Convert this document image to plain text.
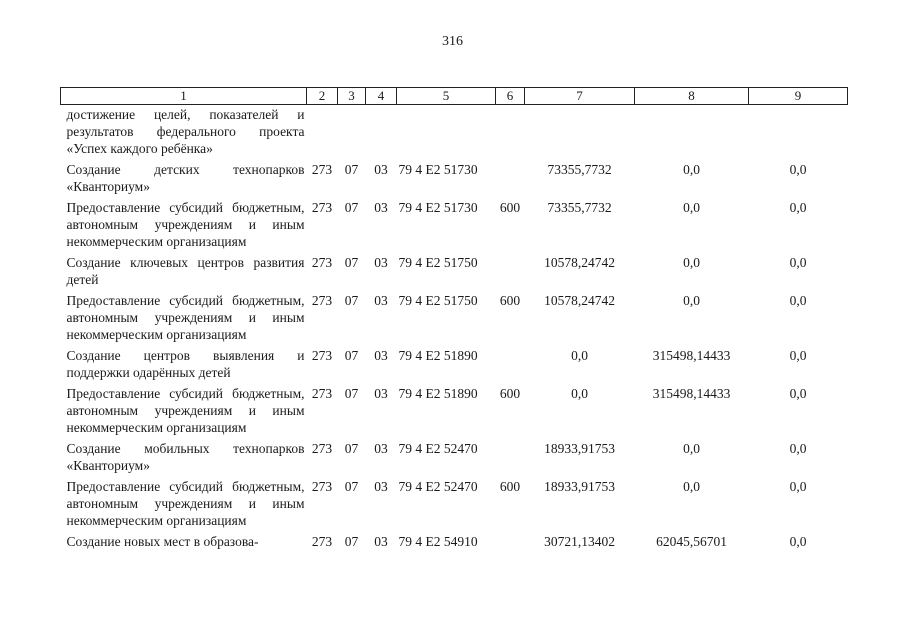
316
1	2	3	4	5	6	7	8	9
достижение целей, показателей и результатов федерального проекта «Успех каждого ребёнка»								
Создание детских технопарков «Кванториум»	273	07	03	79 4 E2 51730		73355,7732	0,0	0,0
Предоставление субсидий бюджетным, автономным учреждениям и иным некоммерческим организациям	273	07	03	79 4 E2 51730	600	73355,7732	0,0	0,0
Создание ключевых центров развития детей	273	07	03	79 4 E2 51750		10578,24742	0,0	0,0
Предоставление субсидий бюджетным, автономным учреждениям и иным некоммерческим организациям	273	07	03	79 4 E2 51750	600	10578,24742	0,0	0,0
Создание центров выявления и поддержки одарённых детей	273	07	03	79 4 E2 51890		0,0	315498,14433	0,0
Предоставление субсидий бюджетным, автономным учреждениям и иным некоммерческим организациям	273	07	03	79 4 E2 51890	600	0,0	315498,14433	0,0
Создание мобильных технопарков «Кванториум»	273	07	03	79 4 E2 52470		18933,91753	0,0	0,0
Предоставление субсидий бюджетным, автономным учреждениям и иным некоммерческим организациям	273	07	03	79 4 E2 52470	600	18933,91753	0,0	0,0
Создание новых мест в образова-	273	07	03	79 4 E2 54910		30721,13402	62045,56701	0,0
